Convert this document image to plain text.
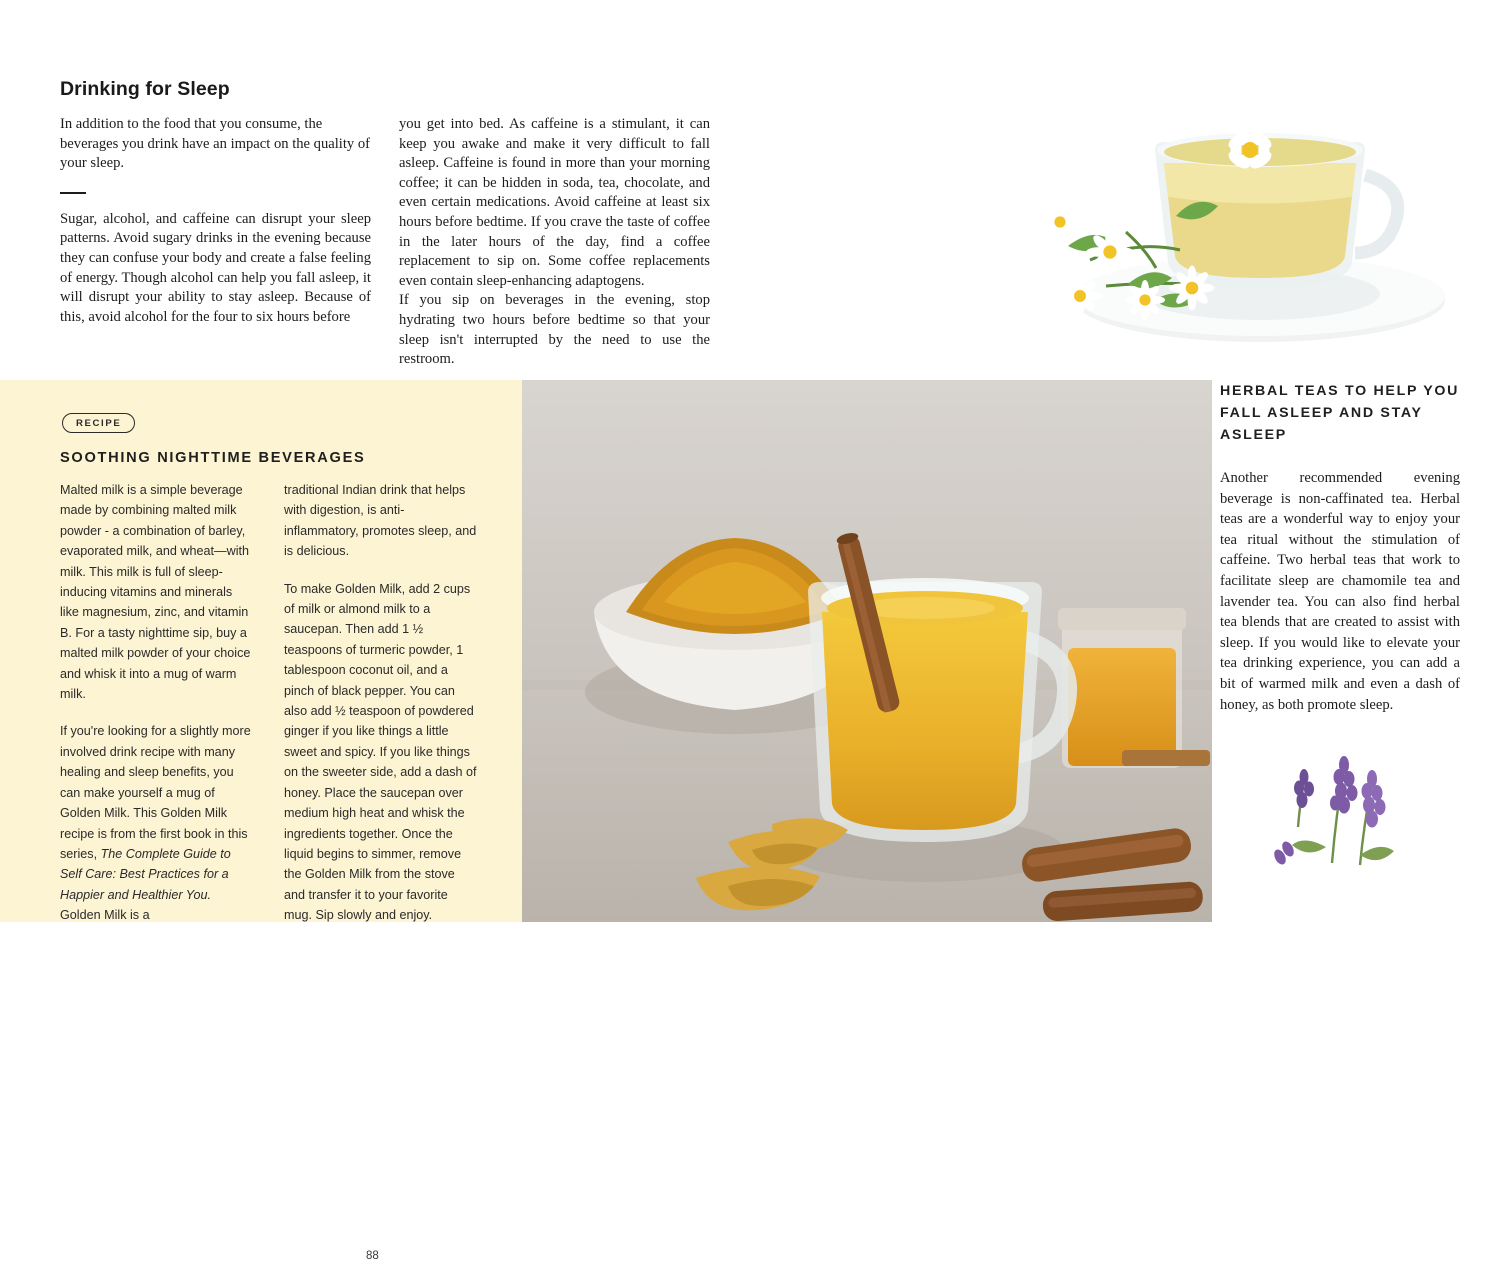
Drinking for Sleep

In addition to the food that you consume, the beverages you drink have an impact on the quality of your sleep.

Sugar, alcohol, and caffeine can disrupt your sleep patterns. Avoid sugary drinks in the evening because they can confuse your body and create a false feeling of energy. Though alcohol can help you fall asleep, it will disrupt your ability to stay asleep. Because of this, avoid alcohol for the four to six hours before

you get into bed. As caffeine is a stimulant, it can keep you awake and make it very difficult to fall asleep. Caffeine is found in more than your morning coffee; it can be hidden in soda, tea, chocolate, and even certain medications. Avoid caffeine at least six hours before bedtime. If you crave the taste of coffee in the later hours of the day, find a coffee replacement to sip on. Some coffee replacements even contain sleep-enhancing adaptogens.

If you sip on beverages in the evening, stop hydrating two hours before bedtime so that your sleep isn't interrupted by the need to use the restroom.

RECIPE
SOOTHING NIGHTTIME BEVERAGES

Malted milk is a simple beverage made by combining malted milk powder - a combination of barley, evaporated milk, and wheat—with milk. This milk is full of sleep-inducing vitamins and minerals like magnesium, zinc, and vitamin B. For a tasty nighttime sip, buy a malted milk powder of your choice and whisk it into a mug of warm milk.

If you're looking for a slightly more involved drink recipe with many healing and sleep benefits, you can make yourself a mug of Golden Milk. This Golden Milk recipe is from the first book in this series, The Complete Guide to Self Care: Best Practices for a Happier and Healthier You. Golden Milk is a

traditional Indian drink that helps with digestion, is anti-inflammatory, promotes sleep, and is delicious.

To make Golden Milk, add 2 cups of milk or almond milk to a saucepan. Then add 1 ½ teaspoons of turmeric powder, 1 tablespoon coconut oil, and a pinch of black pepper. You can also add ½ teaspoon of powdered ginger if you like things a little sweet and spicy. If you like things on the sweeter side, add a dash of honey. Place the saucepan over medium high heat and whisk the ingredients together. Once the liquid begins to simmer, remove the Golden Milk from the stove and transfer it to your favorite mug. Sip slowly and enjoy.

88
HERBAL TEAS TO HELP YOU FALL ASLEEP AND STAY ASLEEP

Another recommended evening beverage is non-caffinated tea. Herbal teas are a wonderful way to enjoy your tea ritual without the stimulation of caffeine. Two herbal teas that work to facilitate sleep are chamomile tea and lavender tea. You can also find herbal tea blends that are created to assist with sleep. If you would like to elevate your tea drinking experience, you can add a bit of warmed milk and even a dash of honey, as both promote sleep.
